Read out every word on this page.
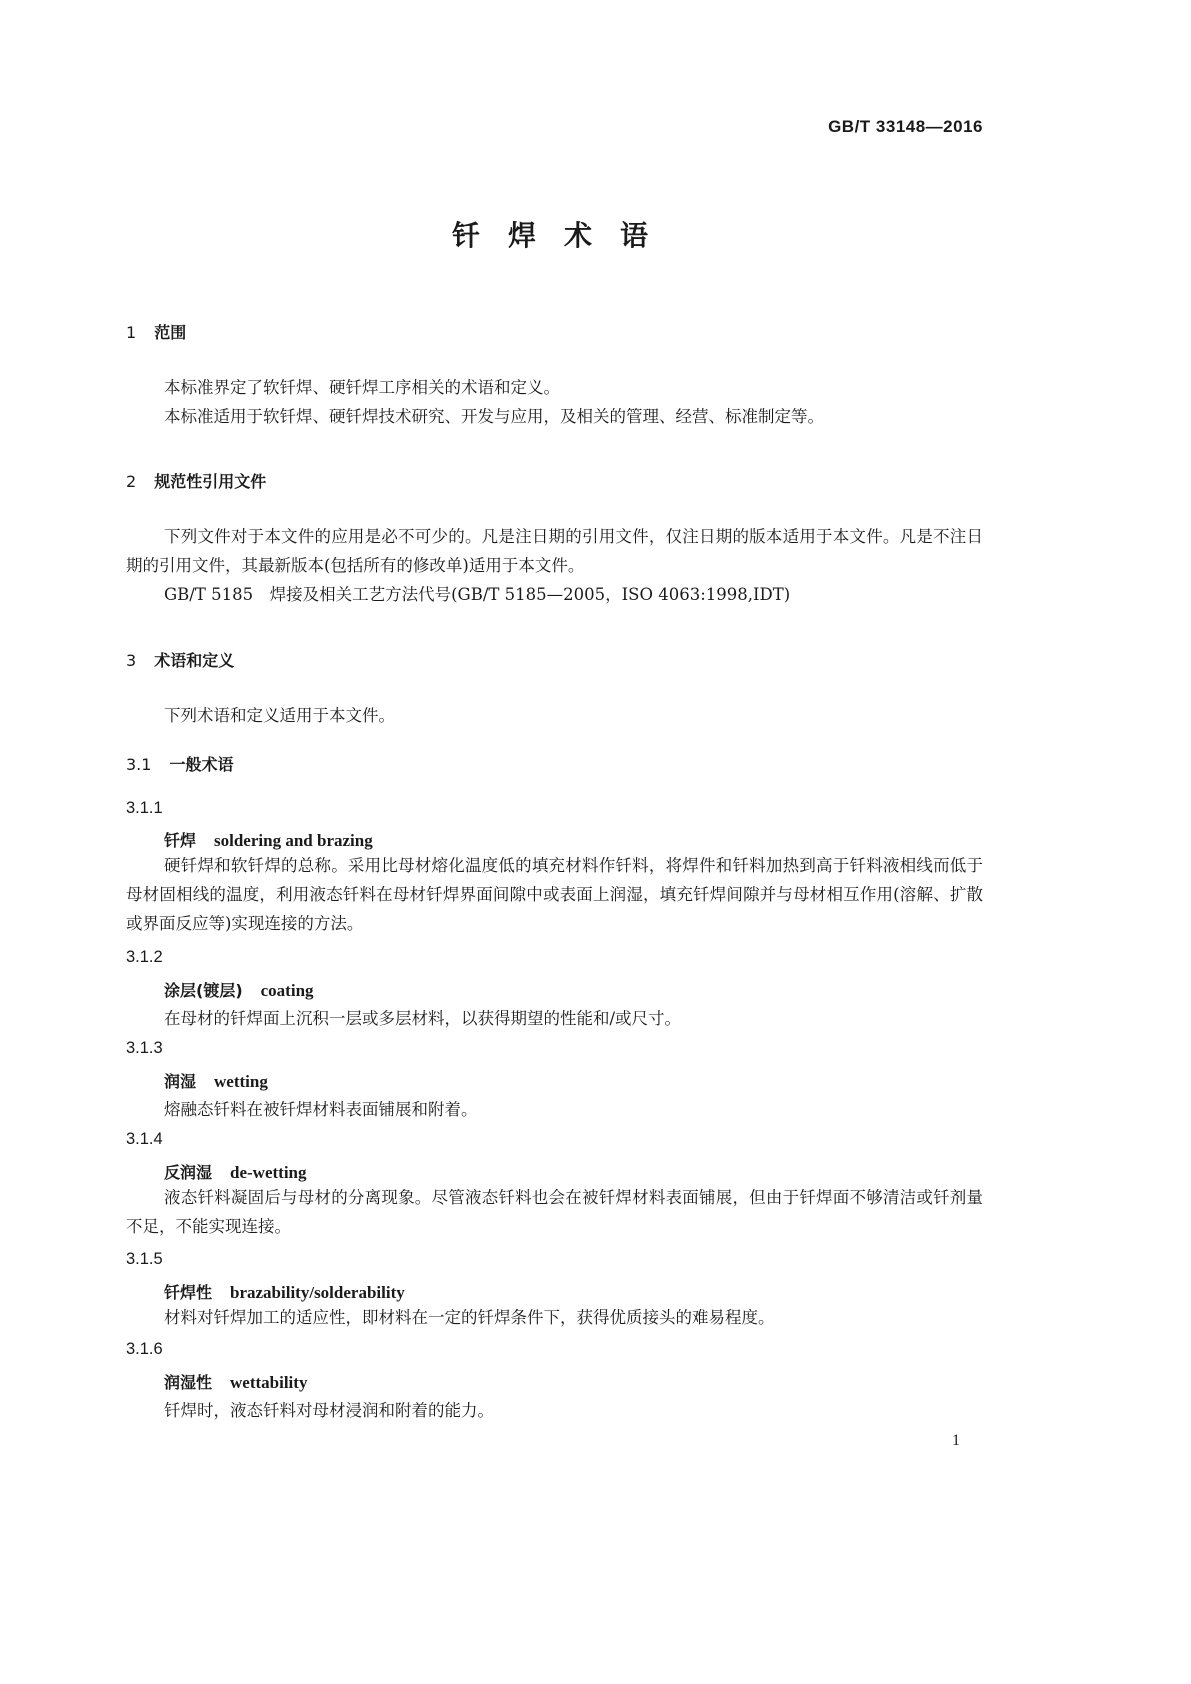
GB/T 33148—2016
钎焊术语
1 范围

本标准界定了软钎焊、硬钎焊工序相关的术语和定义。

本标准适用于软钎焊、硬钎焊技术研究、开发与应用，及相关的管理、经营、标准制定等。

2 规范性引用文件

下列文件对于本文件的应用是必不可少的。凡是注日期的引用文件，仅注日期的版本适用于本文件。凡是不注日期的引用文件，其最新版本(包括所有的修改单)适用于本文件。

GB/T 5185　焊接及相关工艺方法代号(GB/T 5185—2005，ISO 4063:1998,IDT)

3 术语和定义

下列术语和定义适用于本文件。

3.1 一般术语
3.1.1
钎焊 soldering and brazing

硬钎焊和软钎焊的总称。采用比母材熔化温度低的填充材料作钎料，将焊件和钎料加热到高于钎料液相线而低于母材固相线的温度，利用液态钎料在母材钎焊界面间隙中或表面上润湿，填充钎焊间隙并与母材相互作用(溶解、扩散或界面反应等)实现连接的方法。

3.1.2
涂层(镀层) coating

在母材的钎焊面上沉积一层或多层材料，以获得期望的性能和/或尺寸。

3.1.3
润湿 wetting

熔融态钎料在被钎焊材料表面铺展和附着。

3.1.4
反润湿 de-wetting

液态钎料凝固后与母材的分离现象。尽管液态钎料也会在被钎焊材料表面铺展，但由于钎焊面不够清洁或钎剂量不足，不能实现连接。

3.1.5
钎焊性 brazability/solderability

材料对钎焊加工的适应性，即材料在一定的钎焊条件下，获得优质接头的难易程度。

3.1.6
润湿性 wettability

钎焊时，液态钎料对母材浸润和附着的能力。

1
